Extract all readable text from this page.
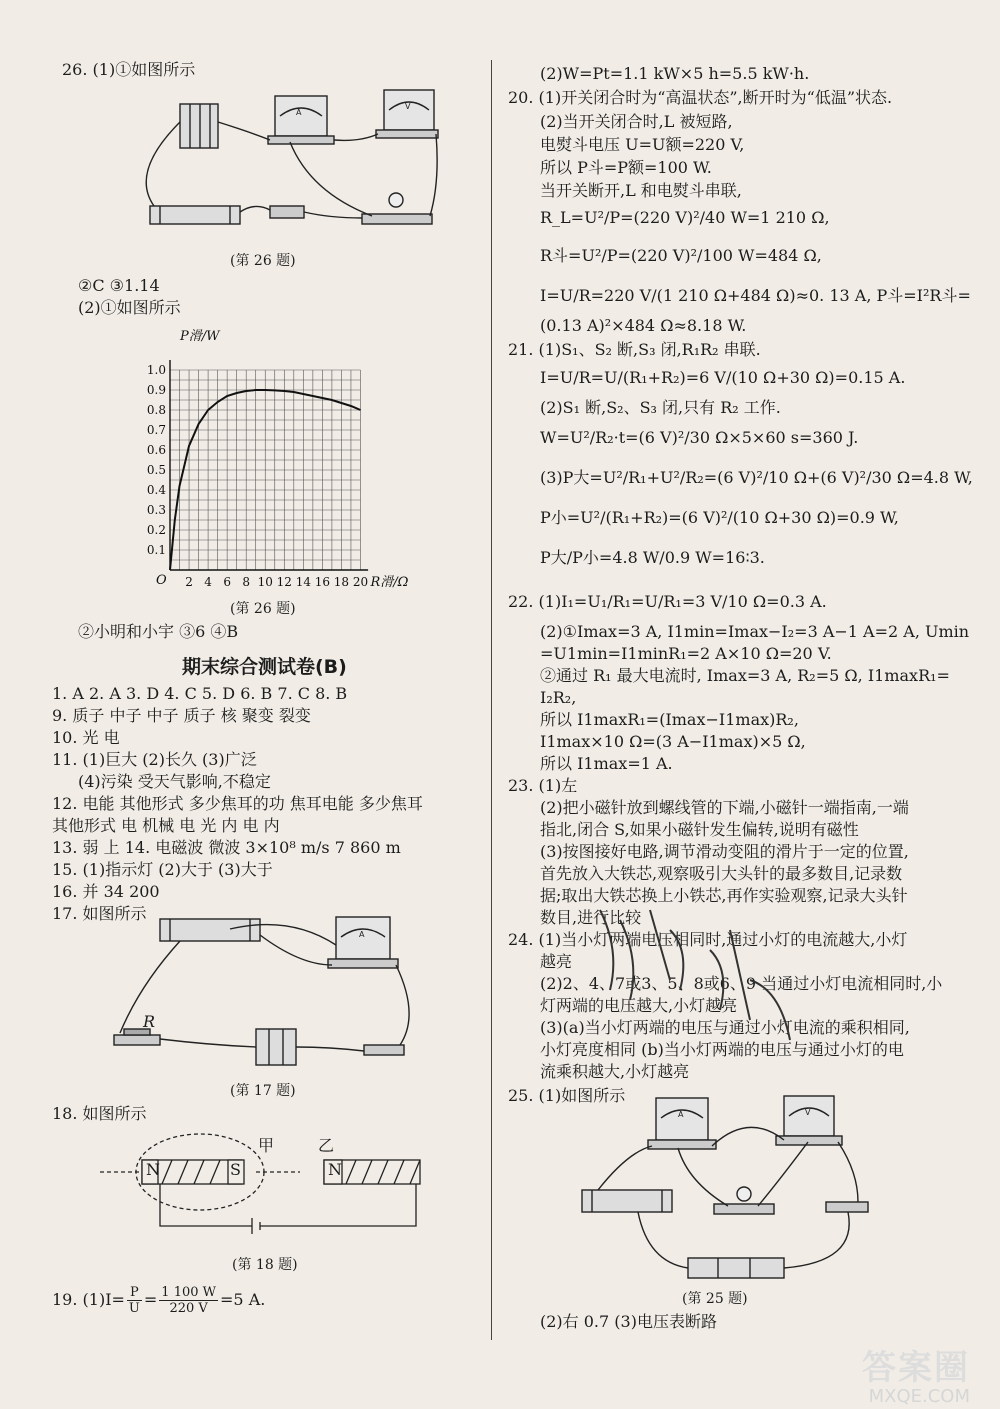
26. (1)①如图所示
A
V
(第 26 题)
②C ③1.14
(2)①如图所示
0.1
0.2
0.3
0.4
0.5
0.6
0.7
0.8
0.9
1.0
2 4 6 8 10 12 14 16 18 20
O
P滑/W
R滑/Ω
(第 26 题)
②小明和小宇 ③6 ④B
期末综合测试卷(B)
1. A 2. A 3. D 4. C 5. D 6. B 7. C 8. B
9. 质子 中子 中子 质子 核 聚变 裂变
10. 光 电
11. (1)巨大 (2)长久 (3)广泛
(4)污染 受天气影响,不稳定
12. 电能 其他形式 多少焦耳的功 焦耳电能 多少焦耳
其他形式 电 机械 电 光 内 电 内
13. 弱 上 14. 电磁波 微波 3×10⁸ m/s 7 860 m
15. (1)指示灯 (2)大于 (3)大于
16. 并 34 200
17. 如图所示
A
R
(第 17 题)
18. 如图所示
N	S	N
甲	乙
(第 18 题)
19. $(1)I= \frac{P}{U} = \frac{1 100 W}{220 V} =5$ A.
(2)W=Pt=1.1 kW×5 h=5.5 kW·h.
20. (1)开关闭合时为“高温状态”,断开时为“低温”状态.
(2)当开关闭合时,L 被短路,
电熨斗电压 U=U额=220 V,
所以 P斗=P额=100 W.
当开关断开,L 和电熨斗串联,
R_L=U²/P=(220 V)²/40 W=1 210 Ω,
R斗=U²/P=(220 V)²/100 W=484 Ω,
I=U/R=220 V/(1 210 Ω+484 Ω)≈0. 13 A, P斗=I²R斗=
(0.13 A)²×484 Ω≈8.18 W.
21. (1)S₁、S₂ 断,S₃ 闭,R₁R₂ 串联.
I=U/R=U/(R₁+R₂)=6 V/(10 Ω+30 Ω)=0.15 A.
(2)S₁ 断,S₂、S₃ 闭,只有 R₂ 工作.
W=U²/R₂·t=(6 V)²/30 Ω×5×60 s=360 J.
(3)P大=U²/R₁+U²/R₂=(6 V)²/10 Ω+(6 V)²/30 Ω=4.8 W,
P小=U²/(R₁+R₂)=(6 V)²/(10 Ω+30 Ω)=0.9 W,
P大/P小=4.8 W/0.9 W=16∶3.
22. (1)I₁=U₁/R₁=U/R₁=3 V/10 Ω=0.3 A.
(2)①Imax=3 A, I1min=Imax−I₂=3 A−1 A=2 A, Umin
=U1min=I1minR₁=2 A×10 Ω=20 V.
②通过 R₁ 最大电流时, Imax=3 A, R₂=5 Ω, I1maxR₁=
I₂R₂,
所以 I1maxR₁=(Imax−I1max)R₂,
I1max×10 Ω=(3 A−I1max)×5 Ω,
所以 I1max=1 A.
23. (1)左
(2)把小磁针放到螺线管的下端,小磁针一端指南,一端
指北,闭合 S,如果小磁针发生偏转,说明有磁性
(3)按图接好电路,调节滑动变阻的滑片于一定的位置,
首先放入大铁芯,观察吸引大头针的最多数目,记录数
据;取出大铁芯换上小铁芯,再作实验观察,记录大头针
数目,进行比较
24. (1)当小灯两端电压相同时,通过小灯的电流越大,小灯
越亮
(2)2、4、7或3、5、8或6、9 当通过小灯电流相同时,小
灯两端的电压越大,小灯越亮
(3)(a)当小灯两端的电压与通过小灯电流的乘积相同,
小灯亮度相同 (b)当小灯两端的电压与通过小灯的电
流乘积越大,小灯越亮
25. (1)如图所示
A	V
(第 25 题)
(2)右 0.7 (3)电压表断路
答案圈
MXQE.COM
